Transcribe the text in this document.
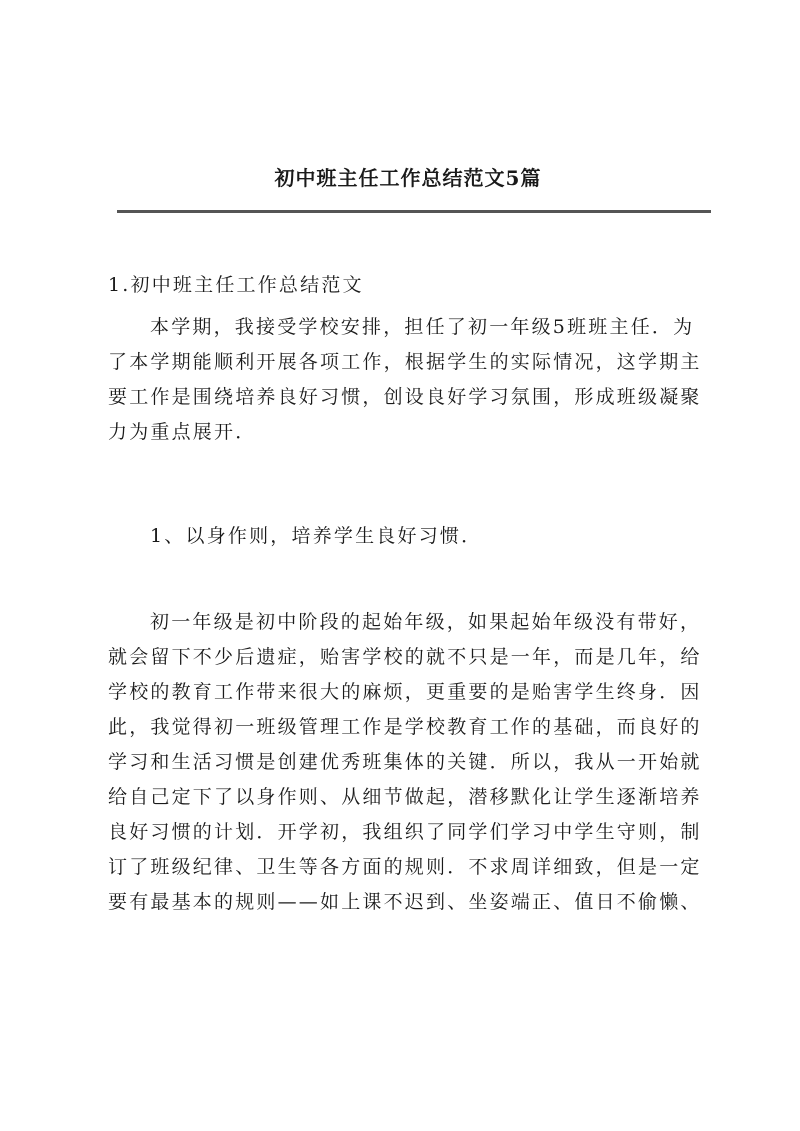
初中班主任工作总结范文5篇
1.初中班主任工作总结范文
本学期，我接受学校安排，担任了初一年级5班班主任．为
了本学期能顺利开展各项工作，根据学生的实际情况，这学期主
要工作是围绕培养良好习惯，创设良好学习氛围，形成班级凝聚
力为重点展开．
1、以身作则，培养学生良好习惯．
初一年级是初中阶段的起始年级，如果起始年级没有带好，
就会留下不少后遗症，贻害学校的就不只是一年，而是几年，给
学校的教育工作带来很大的麻烦，更重要的是贻害学生终身．因
此，我觉得初一班级管理工作是学校教育工作的基础，而良好的
学习和生活习惯是创建优秀班集体的关键．所以，我从一开始就
给自己定下了以身作则、从细节做起，潜移默化让学生逐渐培养
良好习惯的计划．开学初，我组织了同学们学习中学生守则，制
订了班级纪律、卫生等各方面的规则．不求周详细致，但是一定
要有最基本的规则——如上课不迟到、坐姿端正、值日不偷懒、
